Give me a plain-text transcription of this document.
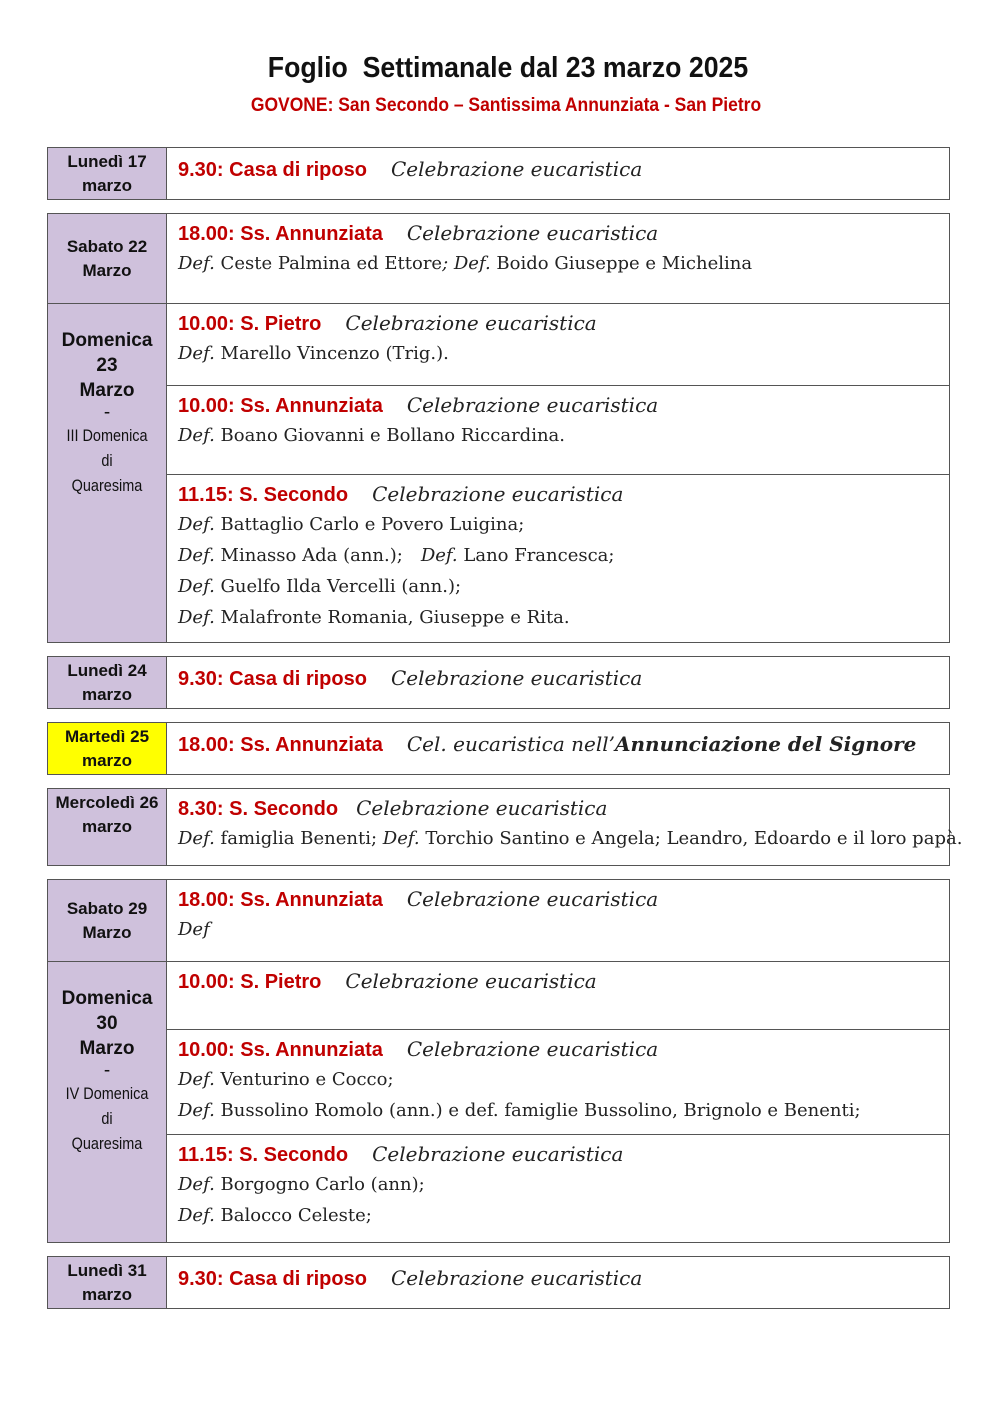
Foglio  Settimanale dal 23 marzo 2025
GOVONE: San Secondo – Santissima Annunziata - San Pietro
Lunedì 17 marzo
9.30: Casa di riposo Celebrazione eucaristica
Sabato 22 Marzo
18.00: Ss. Annunziata Celebrazione eucaristica
Def. Ceste Palmina ed Ettore; Def. Boido Giuseppe e Michelina
Domenica
23
Marzo
-
III Domenica
di
Quaresima
10.00: S. Pietro Celebrazione eucaristica
Def. Marello Vincenzo (Trig.).
10.00: Ss. Annunziata Celebrazione eucaristica
Def. Boano Giovanni e Bollano Riccardina.
11.15: S. Secondo Celebrazione eucaristica
Def. Battaglio Carlo e Povero Luigina;
Def. Minasso Ada (ann.); Def. Lano Francesca;
Def. Guelfo Ilda Vercelli (ann.);
Def. Malafronte Romania, Giuseppe e Rita.
Lunedì 24 marzo
9.30: Casa di riposo Celebrazione eucaristica
Martedì 25 marzo
18.00: Ss. Annunziata Cel. eucaristica nell’Annunciazione del Signore
Mercoledì 26 marzo
8.30: S. Secondo Celebrazione eucaristica
Def. famiglia Benenti; Def. Torchio Santino e Angela; Leandro, Edoardo e il loro papà.
Sabato 29 Marzo
18.00: Ss. Annunziata Celebrazione eucaristica
Def
Domenica
30
Marzo
-
IV Domenica
di
Quaresima
10.00: S. Pietro Celebrazione eucaristica
10.00: Ss. Annunziata Celebrazione eucaristica
Def. Venturino e Cocco;
Def. Bussolino Romolo (ann.) e def. famiglie Bussolino, Brignolo e Benenti;
11.15: S. Secondo Celebrazione eucaristica
Def. Borgogno Carlo (ann);
Def. Balocco Celeste;
Lunedì 31 marzo
9.30: Casa di riposo Celebrazione eucaristica
